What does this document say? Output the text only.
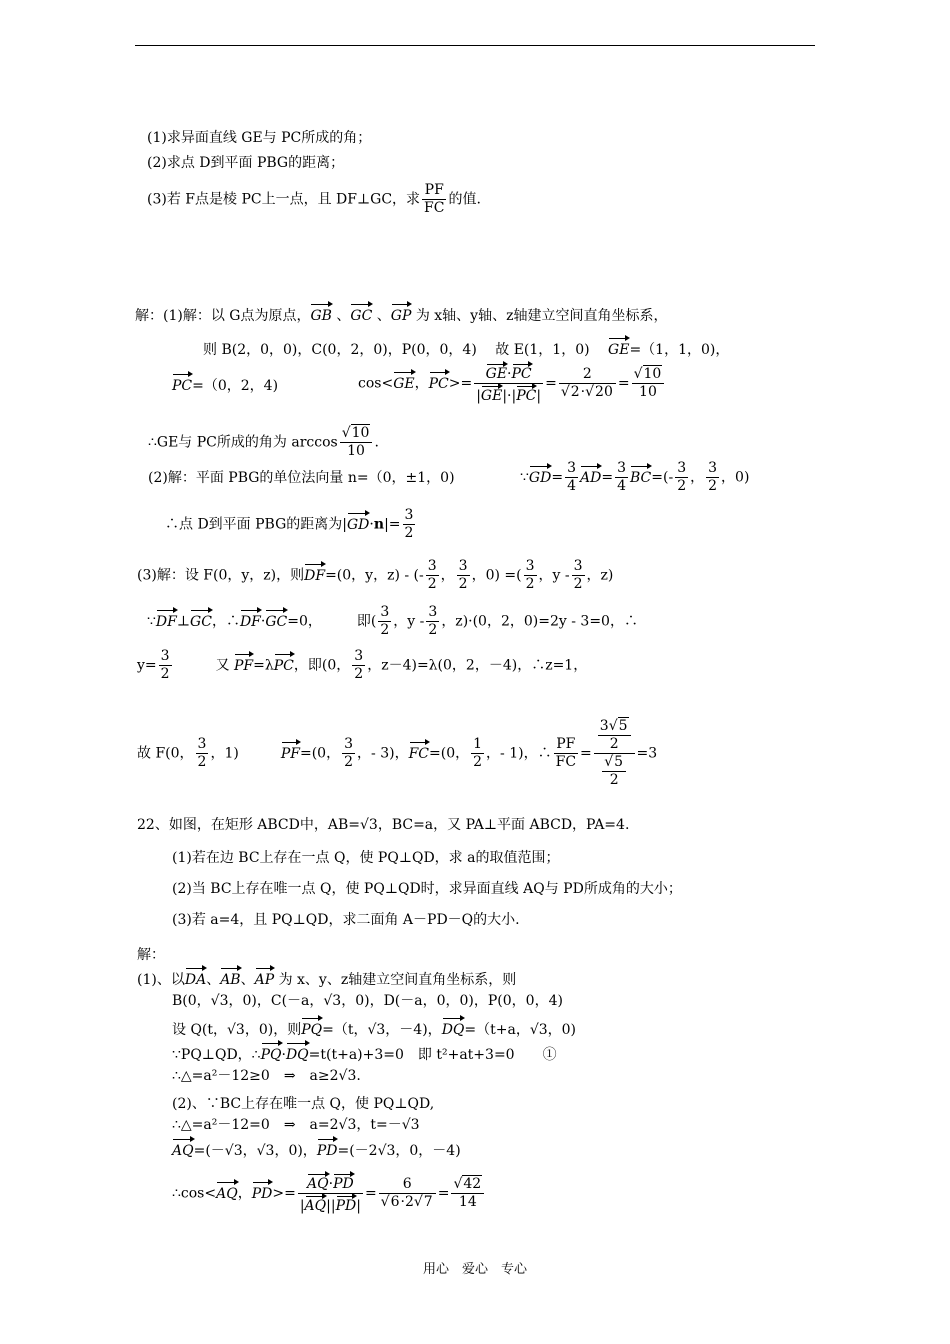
(1)求异面直线 GE与 PC所成的角；
(2)求点 D到平面 PBG的距离；
(3)若 F点是棱 PC上一点，且 DF⊥GC，求 $\frac{PF}{FC}$ 的值.
解：(1)解：以 G点为原点，GB 、GC 、GP 为 x轴、y轴、z轴建立空间直角坐标系，
则 B(2，0，0)，C(0，2，0)，P(0，0，4)　 故 E(1，1，0)　 GE=（1，1，0)，
PC=（0，2，4)	cos<GE，$PC>= \frac{GE\cdot PC}{|GE|\cdot|PC|} = \frac{2}{√2\cdot√20} = \frac{√10}{10}$
∴GE与 PC所成的角为 $\arccos \frac{√10}{10}$ .
(2)解：平面 PBG的单位法向量 n=（0，±1，0)	∵GD= $\frac{3}{4} AD= \frac{3}{4} BC=(- \frac{3}{2}$ ， $\frac{3}{2}$ ，0)
∴点 D到平面 PBG的距离为$|GD\cdot n|= \frac{3}{2}$
(3)解：设 F(0，y，z)，则DF=(0，y，z) - (- $\frac{3}{2}$ ， $\frac{3}{2}$ ，0) =( $\frac{3}{2}$ ，y - $\frac{3}{2}$ ，z)
∵DF⊥GC，∴DF·GC=0，　　　即( $\frac{3}{2}$ ，y - $\frac{3}{2}$ ，z)·(0，2，0)=2y - 3=0，∴
$y= \frac{3}{2}$
　　　	又 PF=λPC，即(0， $\frac{3}{2}$ ，z－4)=λ(0，2，－4)，∴z=1，
故 F(0， $\frac{3}{2}$ ，1)　　　PF=(0， $\frac{3}{2}$ ，- 3)，FC=(0， $\frac{1}{2}$ ，- 1)，∴ $\frac{PF}{FC} = \frac{\frac{3√5}{2}}{\frac{√5}{2}} =3$
22、如图，在矩形 ABCD中，AB=√3，BC=a，又 PA⊥平面 ABCD，PA=4.
(1)若在边 BC上存在一点 Q，使 PQ⊥QD，求 a的取值范围；
(2)当 BC上存在唯一点 Q，使 PQ⊥QD时，求异面直线 AQ与 PD所成角的大小；
(3)若 a=4，且 PQ⊥QD，求二面角 A－PD－Q的大小.
解：
(1)、以DA、AB、AP 为 x、y、z轴建立空间直角坐标系，则
B(0，√3，0)，C(－a，√3，0)，D(－a，0，0)，P(0，0，4)
设 Q(t，√3，0)，则PQ=（t，√3，－4)，DQ=（t+a，√3，0)
∵PQ⊥QD，∴PQ·DQ=t(t+a)+3=0　即 t²+at+3=0　　①
∴△=a²－12≥0　⇒　a≥2√3.
(2)、∵BC上存在唯一点 Q，使 PQ⊥QD,
∴△=a²－12=0　⇒　a=2√3，t=－√3
AQ=(－√3，√3，0)，PD=(－2√3，0，－4)
∴cos<AQ，$PD>= \frac{AQ\cdot PD}{|AQ||PD|} = \frac{6}{√6\cdot 2√7} = \frac{√42}{14}$
用心　爱心　专心
